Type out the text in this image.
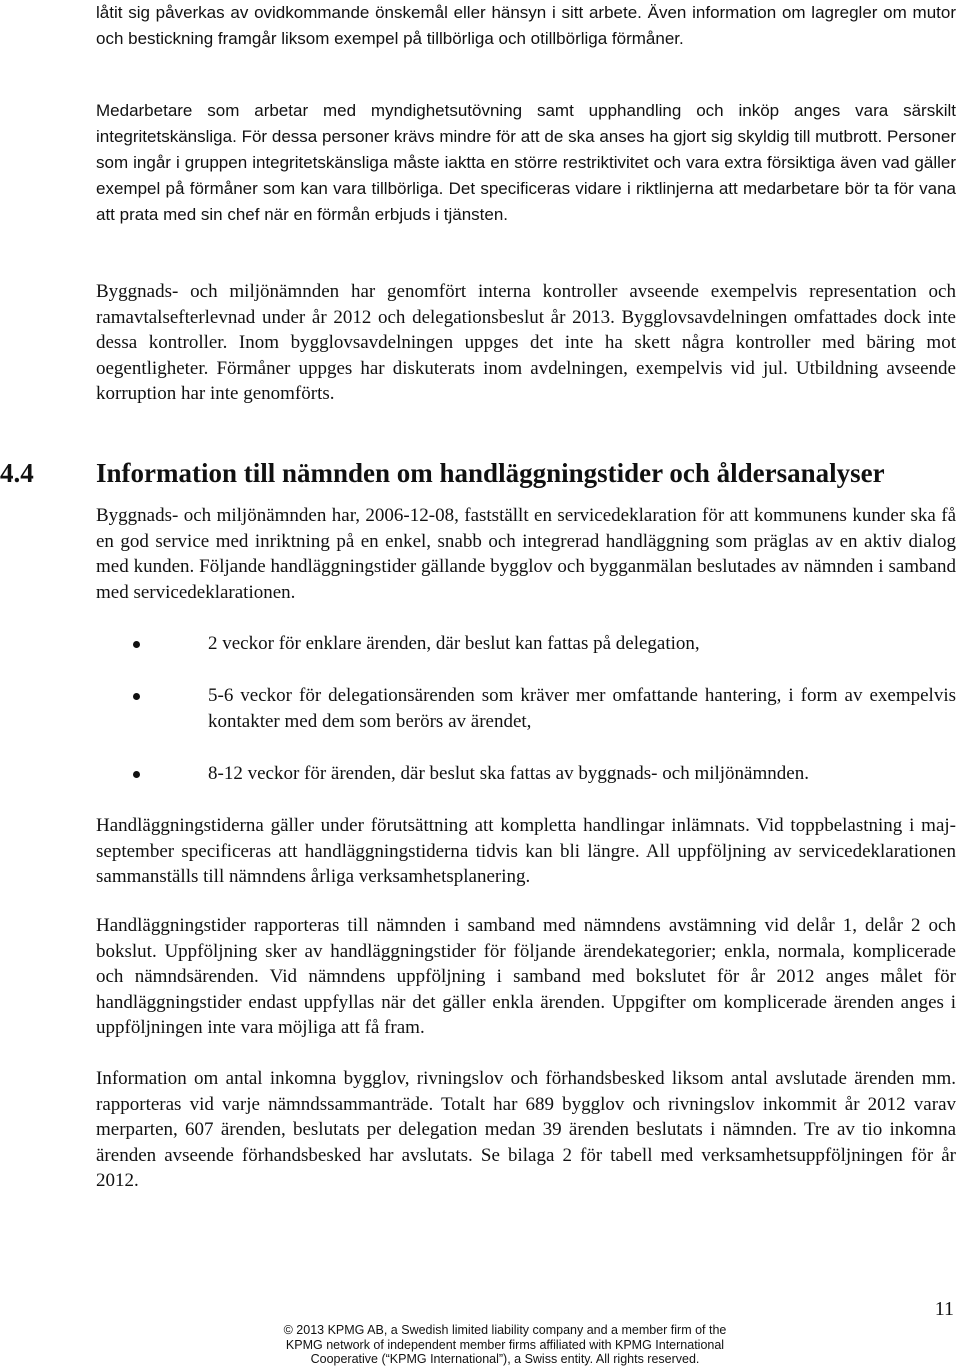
låtit sig påverkas av ovidkommande önskemål eller hänsyn i sitt arbete. Även information om lagregler om mutor och bestickning framgår liksom exempel på tillbörliga och otillbörliga förmåner.

Medarbetare som arbetar med myndighetsutövning samt upphandling och inköp anges vara särskilt integritetskänsliga. För dessa personer krävs mindre för att de ska anses ha gjort sig skyldig till mutbrott. Personer som ingår i gruppen integritetskänsliga måste iaktta en större restriktivitet och vara extra försiktiga även vad gäller exempel på förmåner som kan vara tillbörliga. Det specificeras vidare i riktlinjerna att medarbetare bör ta för vana att prata med sin chef när en förmån erbjuds i tjänsten.

Byggnads- och miljönämnden har genomfört interna kontroller avseende exempelvis representation och ramavtalsefterlevnad under år 2012 och delegationsbeslut år 2013. Bygglovsavdelningen omfattades dock inte dessa kontroller. Inom bygglovsavdelningen uppges det inte ha skett några kontroller med bäring mot oegentligheter. Förmåner uppges har diskuterats inom avdelningen, exempelvis vid jul. Utbildning avseende korruption har inte genomförts.

4.4 Information till nämnden om handläggningstider och åldersanalyser

Byggnads- och miljönämnden har, 2006-12-08, fastställt en servicedeklaration för att kommunens kunder ska få en god service med inriktning på en enkel, snabb och integrerad handläggning som präglas av en aktiv dialog med kunden. Följande handläggningstider gällande bygglov och bygganmälan beslutades av nämnden i samband med servicedeklarationen.

2 veckor för enklare ärenden, där beslut kan fattas på delegation,

5-6 veckor för delegationsärenden som kräver mer omfattande hantering, i form av exempelvis kontakter med dem som berörs av ärendet,

8-12 veckor för ärenden, där beslut ska fattas av byggnads- och miljönämnden.

Handläggningstiderna gäller under förutsättning att kompletta handlingar inlämnats. Vid toppbelastning i maj-september specificeras att handläggningstiderna tidvis kan bli längre. All uppföljning av servicedeklarationen sammanställs till nämndens årliga verksamhetsplanering.

Handläggningstider rapporteras till nämnden i samband med nämndens avstämning vid delår 1, delår 2 och bokslut. Uppföljning sker av handläggningstider för följande ärendekategorier; enkla, normala, komplicerade och nämndsärenden. Vid nämndens uppföljning i samband med bokslutet för år 2012 anges målet för handläggningstider endast uppfyllas när det gäller enkla ärenden. Uppgifter om komplicerade ärenden anges i uppföljningen inte vara möjliga att få fram.

Information om antal inkomna bygglov, rivningslov och förhandsbesked liksom antal avslutade ärenden mm. rapporteras vid varje nämndssammanträde. Totalt har 689 bygglov och rivningslov inkommit år 2012 varav merparten, 607 ärenden, beslutats per delegation medan 39 ärenden beslutats i nämnden. Tre av tio inkomna ärenden avseende förhandsbesked har avslutats. Se bilaga 2 för tabell med verksamhetsuppföljningen för år 2012.

11
© 2013 KPMG AB, a Swedish limited liability company and a member firm of the
KPMG network of independent member firms affiliated with KPMG International
Cooperative (“KPMG International”), a Swiss entity. All rights reserved.
